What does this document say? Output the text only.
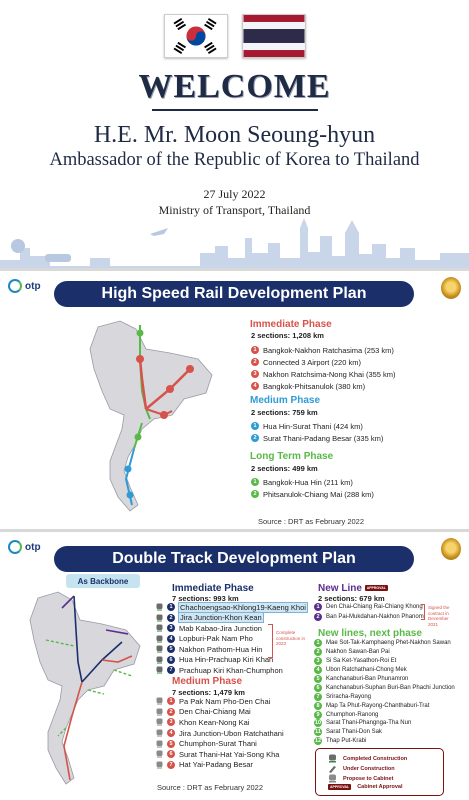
WELCOME
H.E. Mr. Moon Seoung-hyun
Ambassador of the Republic of Korea to Thailand
27 July 2022
Ministry of Transport, Thailand
otp	High Speed Rail Development Plan
Immediate Phase
2 sections: 1,208 km
1 Bangkok-Nakhon Ratchasima (253 km)
2 Connected 3 Airport (220 km)
3 Nakhon Ratchsima-Nong Khai (355 km)
4 Bangkok-Phitsanulok (380 km)
Medium Phase
2 sections: 759 km
1 Hua Hin-Surat Thani (424 km)
2 Surat Thani-Padang Besar (335 km)
Long Term Phase
2 sections: 499 km
1 Bangkok-Hua Hin (211 km)
2 Phitsanulok-Chiang Mai (288 km)
Source : DRT as February 2022
otp
Double Track Development Plan
As Backbone
Immediate Phase
7 sections: 993 km
1 Chachoengsao-Khlong19-Kaeng Khoi
2 Jira Junction-Khon Kean
3 Mab Kabao-Jira Junction
4 Lopburi-Pak Nam Pho
5 Nakhon Pathom-Hua Hin
6 Hua Hin-Prachuap Kiri Khan
7 Prachuap Kiri Khan-Chumphon
Complete construction in 2023
Medium Phase
7 sections: 1,479 km
1 Pa Pak Nam Pho-Den Chai
2 Den Chai-Chiang Mai
3 Khon Kean-Nong Kai
4 Jira Junction-Ubon Ratchathani
5 Chumphon-Surat Thani
6 Surat Thani-Hat Yai-Song Kha
7 Hat Yai-Padang Besar
New Line APPROVAL
2 sections: 679 km
1	Den Chai-Chiang Rai-Chiang Khong
2	Ban Pai-Mukdahan-Nakhon Phanom
Signed the contract in December 2021
New lines, next phase
1	Mae Sot-Tak-Kamphaeng Phet-Nakhon Sawan
2	Nakhon Sawan-Ban Pai
3	Si Sa Ket-Yasathon-Roi Et
4	Ubon Ratchathani-Chong Mek
5	Kanchanaburi-Ban Phunamron
6	Kanchanaburi-Suphan Buri-Ban Phachi Junction
7	Sriracha-Rayong
8	Map Ta Phut-Rayong-Chanthaburi-Trat
9	Chumphon-Ranong
10 Sarat Thani-Phangnga-Tha Nun
11 Sarat Thani-Don Sak
12 Thap Put-Krabi
Completed Construction
Under Construction
Propose to Cabinet
APPROVAL	Cabinet Approval
Source : DRT as February 2022
